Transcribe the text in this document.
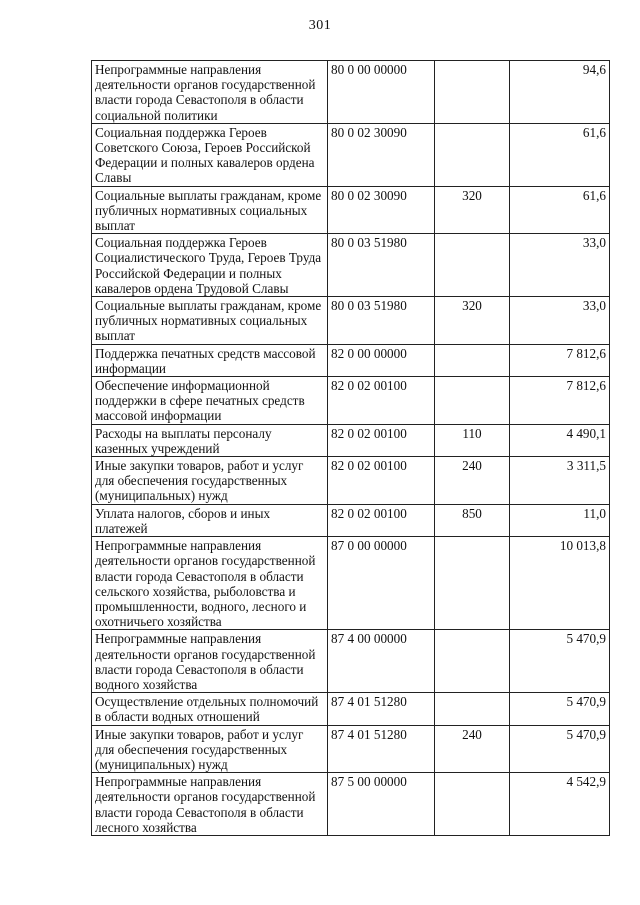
301
Непрограммные направления деятельности органов государственной власти города Севастополя в области социальной политики	80 0 00 00000		94,6
Социальная поддержка Героев Советского Союза, Героев Российской Федерации и полных кавалеров ордена Славы	80 0 02 30090		61,6
Социальные выплаты гражданам, кроме публичных нормативных социальных выплат	80 0 02 30090	320	61,6
Социальная поддержка Героев Социалистического Труда, Героев Труда Российской Федерации и полных кавалеров ордена Трудовой Славы	80 0 03 51980		33,0
Социальные выплаты гражданам, кроме публичных нормативных социальных выплат	80 0 03 51980	320	33,0
Поддержка печатных средств массовой информации	82 0 00 00000		7 812,6
Обеспечение информационной поддержки в сфере печатных средств массовой информации	82 0 02 00100		7 812,6
Расходы на выплаты персоналу казенных учреждений	82 0 02 00100	110	4 490,1
Иные закупки товаров, работ и услуг для обеспечения государственных (муниципальных) нужд	82 0 02 00100	240	3 311,5
Уплата налогов, сборов и иных платежей	82 0 02 00100	850	11,0
Непрограммные направления деятельности органов государственной власти города Севастополя в области сельского хозяйства, рыболовства и промышленности, водного, лесного и охотничьего хозяйства	87 0 00 00000		10 013,8
Непрограммные направления деятельности органов государственной власти города Севастополя в области водного хозяйства	87 4 00 00000		5 470,9
Осуществление отдельных полномочий в области водных отношений	87 4 01 51280		5 470,9
Иные закупки товаров, работ и услуг для обеспечения государственных (муниципальных) нужд	87 4 01 51280	240	5 470,9
Непрограммные направления деятельности органов государственной власти города Севастополя в области лесного хозяйства	87 5 00 00000		4 542,9
